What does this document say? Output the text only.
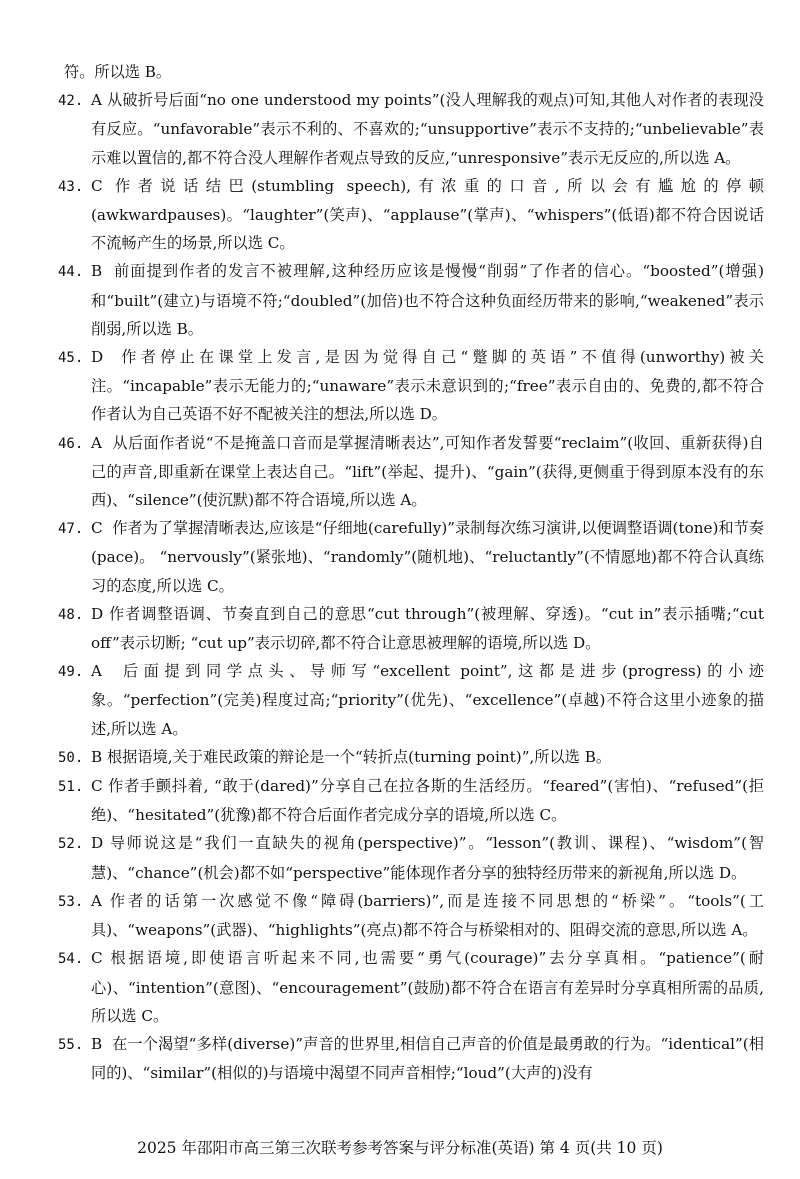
符。所以选 B。

42. A 从破折号后面“no one understood my points”(没人理解我的观点)可知,其他人对作者的表现没有反应。“unfavorable”表示不利的、不喜欢的;“unsupportive”表示不支持的;“unbelievable”表示难以置信的,都不符合没人理解作者观点导致的反应,“unresponsive”表示无反应的,所以选 A。

43. C 作者说话结巴(stumbling speech),有浓重的口音,所以会有尴尬的停顿(awkwardpauses)。“laughter”(笑声)、“applause”(掌声)、“whispers”(低语)都不符合因说话不流畅产生的场景,所以选 C。

44. B  前面提到作者的发言不被理解,这种经历应该是慢慢“削弱”了作者的信心。“boosted”(增强)和“built”(建立)与语境不符;“doubled”(加倍)也不符合这种负面经历带来的影响,“weakened”表示削弱,所以选 B。

45. D  作者停止在课堂上发言,是因为觉得自己“蹩脚的英语”不值得(unworthy)被关注。“incapable”表示无能力的;“unaware”表示未意识到的;“free”表示自由的、免费的,都不符合作者认为自己英语不好不配被关注的想法,所以选 D。

46. A  从后面作者说“不是掩盖口音而是掌握清晰表达”,可知作者发誓要“reclaim”(收回、重新获得)自己的声音,即重新在课堂上表达自己。“lift”(举起、提升)、“gain”(获得,更侧重于得到原本没有的东西)、“silence”(使沉默)都不符合语境,所以选 A。

47. C  作者为了掌握清晰表达,应该是“仔细地(carefully)”录制每次练习演讲,以便调整语调(tone)和节奏(pace)。 “nervously”(紧张地)、“randomly”(随机地)、“reluctantly”(不情愿地)都不符合认真练习的态度,所以选 C。

48. D 作者调整语调、节奏直到自己的意思“cut through”(被理解、穿透)。“cut in”表示插嘴;“cut off”表示切断; “cut up”表示切碎,都不符合让意思被理解的语境,所以选 D。

49. A  后面提到同学点头、导师写“excellent point”,这都是进步(progress)的小迹象。“perfection”(完美)程度过高;“priority”(优先)、“excellence”(卓越)不符合这里小迹象的描述,所以选 A。

50. B 根据语境,关于难民政策的辩论是一个“转折点(turning point)”,所以选 B。

51. C 作者手颤抖着, “敢于(dared)”分享自己在拉各斯的生活经历。“feared”(害怕)、“refused”(拒绝)、“hesitated”(犹豫)都不符合后面作者完成分享的语境,所以选 C。

52. D 导师说这是“我们一直缺失的视角(perspective)”。“lesson”(教训、课程)、“wisdom”(智慧)、“chance”(机会)都不如“perspective”能体现作者分享的独特经历带来的新视角,所以选 D。

53. A 作者的话第一次感觉不像“障碍(barriers)”,而是连接不同思想的“桥梁”。“tools”(工具)、“weapons”(武器)、“highlights”(亮点)都不符合与桥梁相对的、阻碍交流的意思,所以选 A。

54. C 根据语境,即使语言听起来不同,也需要“勇气(courage)”去分享真相。“patience”(耐心)、“intention”(意图)、“encouragement”(鼓励)都不符合在语言有差异时分享真相所需的品质,所以选 C。

55. B  在一个渴望“多样(diverse)”声音的世界里,相信自己声音的价值是最勇敢的行为。“identical”(相同的)、“similar”(相似的)与语境中渴望不同声音相悖;“loud”(大声的)没有

2025 年邵阳市高三第三次联考参考答案与评分标准(英语) 第 4 页(共 10 页)
